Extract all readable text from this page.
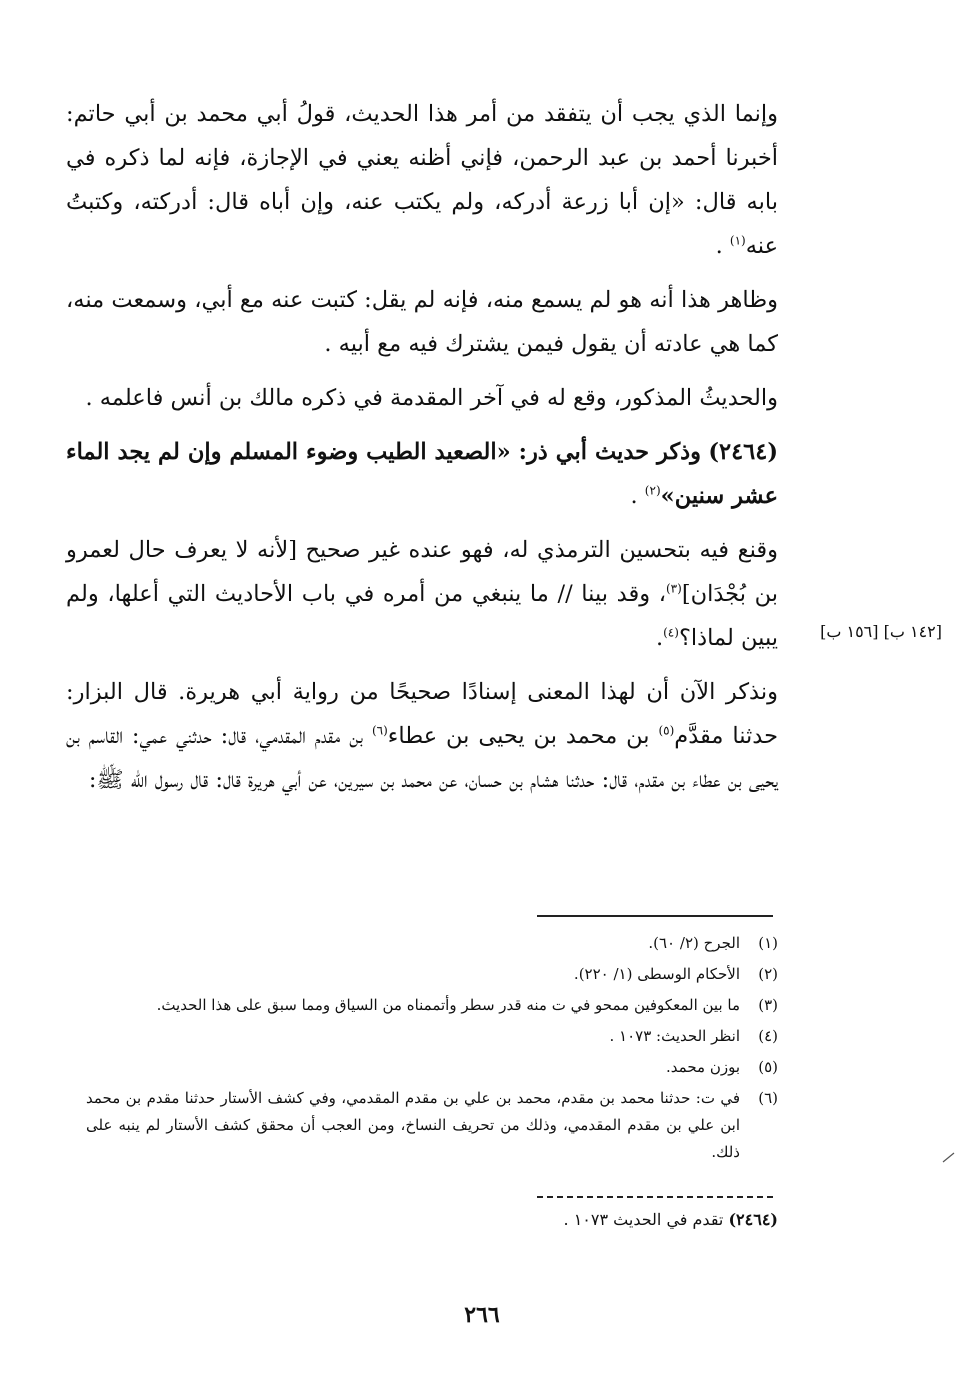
وإنما الذي يجب أن يتفقد من أمر هذا الحديث، قولُ أبي محمد بن أبي حاتم: أخبرنا أحمد بن عبد الرحمن، فإني أظنه يعني في الإجازة، فإنه لما ذكره في بابه قال: «إن أبا زرعة أدركه، ولم يكتب عنه، وإن أباه قال: أدركته، وكتبتُ عنه$^{(١)}$ .

وظاهر هذا أنه هو لم يسمع منه، فإنه لم يقل: كتبت عنه مع أبي، وسمعت منه، كما هي عادته أن يقول فيمن يشترك فيه مع أبيه .

والحديثُ المذكور، وقع له في آخر المقدمة في ذكره مالك بن أنس فاعلمه .

(٢٤٦٤) وذكر حديث أبي ذر: «الصعيد الطيب وضوء المسلم وإن لم يجد الماء عشر سنين»$^{(٢)}$ .

وقنع فيه بتحسين الترمذي له، فهو عنده غير صحيح [لأنه لا يعرف حال لعمرو بن بُجْدَان]$^{(٣)}$، وقد بينا // ما ينبغي من أمره في باب الأحاديث التي أعلها، ولم يبين لماذا؟$^{(٤)}$.

ونذكر الآن أن لهذا المعنى إسنادًا صحيحًا من رواية أبي هريرة. قال البزار: حدثنا مقدَّم$^{(٥)}$ بن محمد بن يحيى بن عطاء$^{(٦)}$ بن مقدم المقدمي، قال: حدثني عمي: القاسم بن يحيى بن عطاء بن مقدم، قال: حدثنا هشام بن حسان، عن محمد بن سيرين، عن أبي هريرة قال: قال رسول الله ﷺ:

[١٤٢ ب] [١٥٦ ب]
(١)
الجرح (٢/ ٦٠).
(٢)
الأحكام الوسطى (١/ ٢٢٠).
(٣)
ما بين المعكوفين ممحو في ت منه قدر سطر وأتممناه من السياق ومما سبق على هذا الحديث.
(٤)
انظر الحديث: ١٠٧٣ .
(٥)
بوزن محمد.
(٦)
في ت: حدثنا محمد بن مقدم، محمد بن علي بن مقدم المقدمي، وفي كشف الأستار حدثنا مقدم بن محمد ابن علي بن مقدم المقدمي، وذلك من تحريف النساخ، ومن العجب أن محقق كشف الأستار لم ينبه على ذلك.
(٢٤٦٤) تقدم في الحديث ١٠٧٣ .
٢٦٦
